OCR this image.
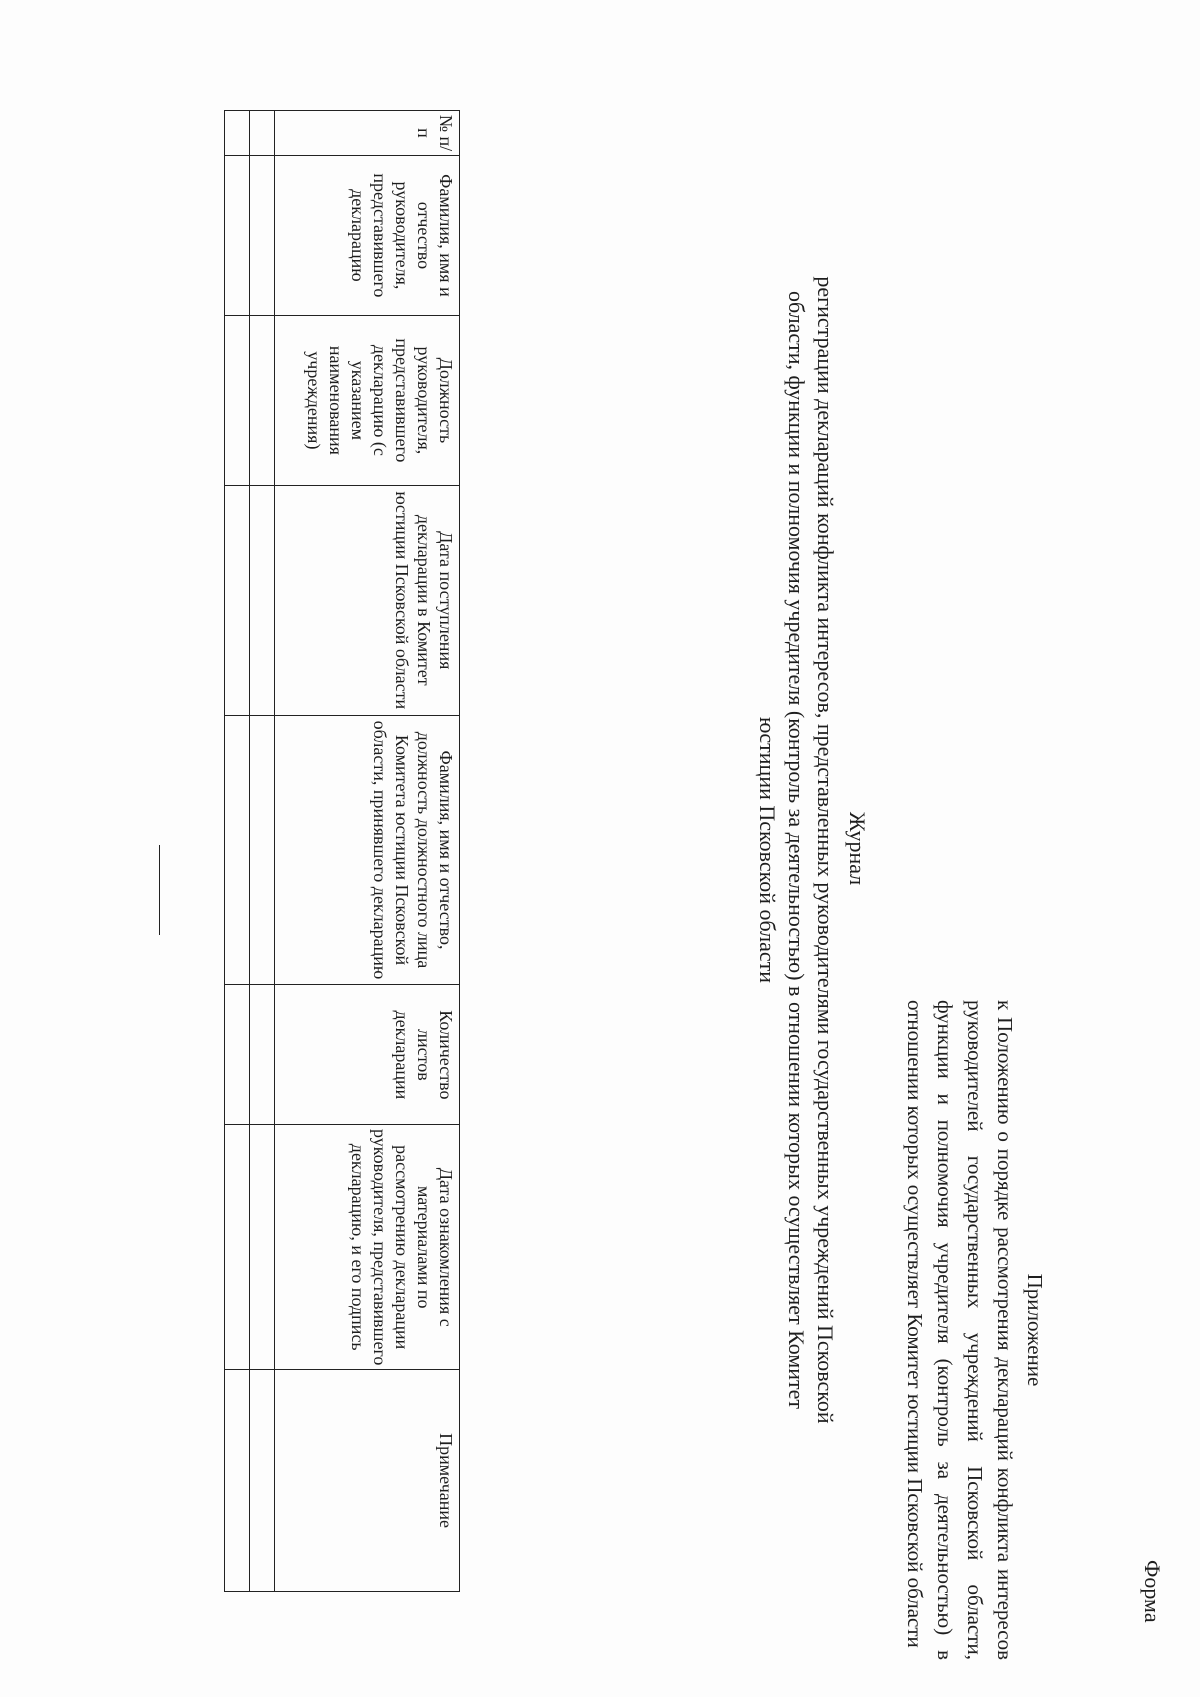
Форма
Приложение
к Положению о порядке рассмотрения деклараций конфликта интересов руководителей государственных учреждений Псковской области, функции и полномочия учредителя (контроль за деятельностью) в отношении которых осуществляет Комитет юстиции Псковской области
Журнал
регистрации деклараций конфликта интересов, представленных руководителями государственных учреждений Псковской области, функции и полномочия учредителя (контроль за деятельностью) в отношении которых осуществляет Комитет юстиции Псковской области
№ п/п	Фамилия, имя и отчество руководителя, представившего декларацию	Должность руководителя, представившего декларацию (с указанием наименования учреждения)	Дата поступления декларации в Комитет юстиции Псковской области	Фамилия, имя и отчество, должность должностного лица Комитета юстиции Псковской области, принявшего декларацию	Количество листов декларации	Дата ознакомления с материалами по рассмотрению декларации руководителя, представившего декларацию, и его подпись	Примечание
